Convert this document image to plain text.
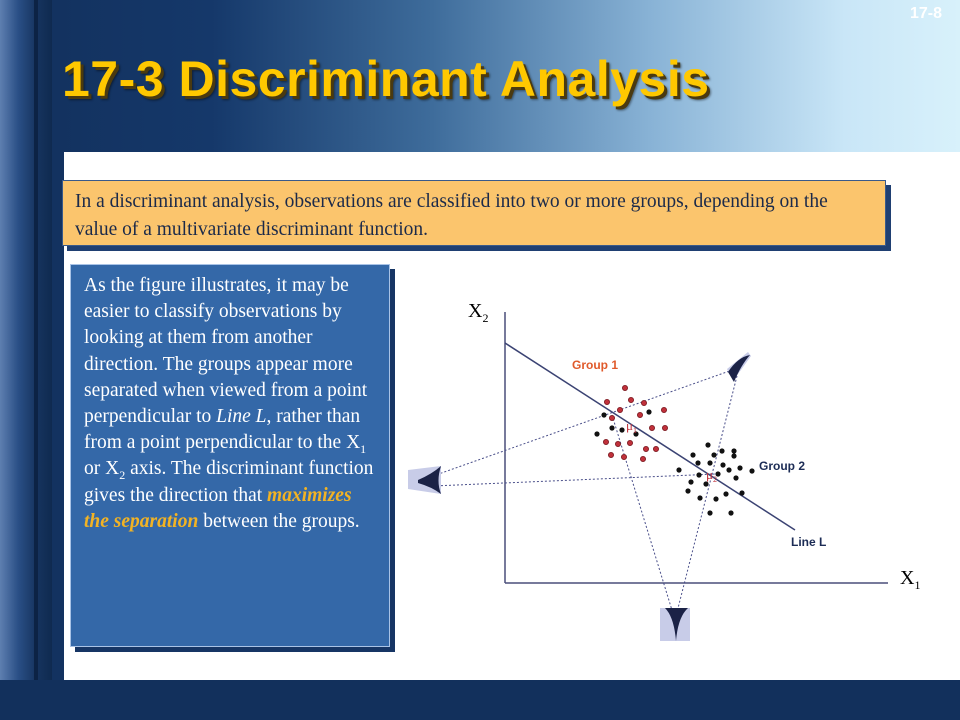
17-8
17-3 Discriminant Analysis
In a discriminant analysis, observations are classified into two or more groups, depending on the value of a multivariate discriminant function.
As the figure illustrates, it may be easier to classify observations by looking at them from another direction. The groups appear more separated when viewed from a point perpendicular to Line L, rather than from a point perpendicular to the $X_1$ or $X_2$ axis. The discriminant function gives the direction that maximizes the separation between the groups.
$X_2$
$X_1$
Group 1
Group 2
Line L
$\mu_1$
$\mu_2$
